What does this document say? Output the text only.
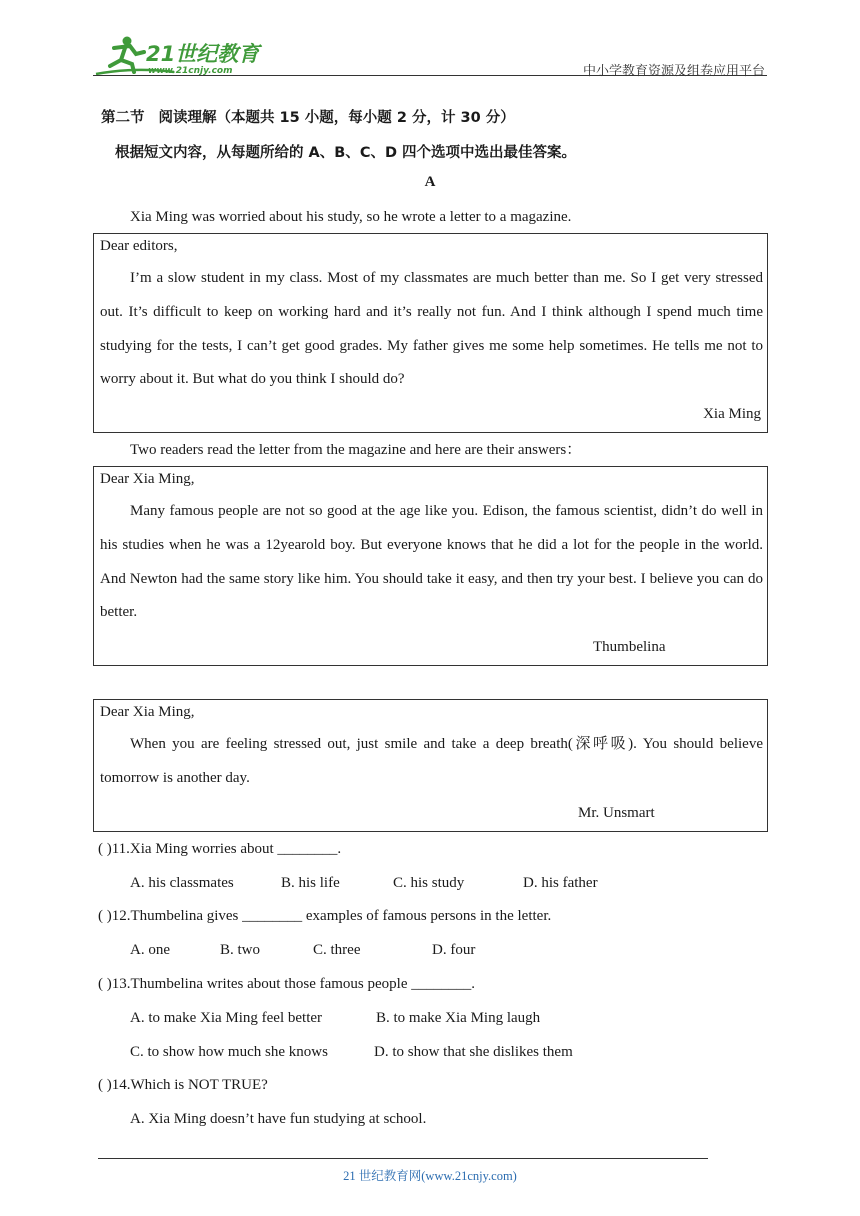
21世纪教育
www.21cnjy.com	中小学教育资源及组卷应用平台
第二节 阅读理解（本题共 15 小题，每小题 2 分，计 30 分）
根据短文内容，从每题所给的 A、B、C、D 四个选项中选出最佳答案。
A
Xia Ming was worried about his study, so he wrote a letter to a magazine.
Dear editors,

I’m a slow student in my class. Most of my classmates are much better than me. So I get very stressed out. It’s difficult to keep on working hard and it’s really not fun. And I think although I spend much time studying for the tests, I can’t get good grades. My father gives me some help sometimes. He tells me not to worry about it. But what do you think I should do?

Xia Ming
Two readers read the letter from the magazine and here are their answers：
Dear Xia Ming,

Many famous people are not so good at the age like you. Edison, the famous scientist, didn’t do well in his studies when he was a 12yearold boy. But everyone knows that he did a lot for the people in the world. And Newton had the same story like him. You should take it easy, and then try your best. I believe you can do better.

Thumbelina
Dear Xia Ming,

When you are feeling stressed out, just smile and take a deep breath(深呼吸). You should believe tomorrow is another day.

Mr. Unsmart
( )11.Xia Ming worries about ________.
A. his classmates	B. his life	C. his study	D. his father
( )12.Thumbelina gives ________ examples of famous persons in the letter.
A. one	B. two	C. three	D. four
( )13.Thumbelina writes about those famous people ________.
A. to make Xia Ming feel better	B. to make Xia Ming laugh
C. to show how much she knows	D. to show that she dislikes them
( )14.Which is NOT TRUE?
A. Xia Ming doesn’t have fun studying at school.
21 世纪教育网(www.21cnjy.com)
